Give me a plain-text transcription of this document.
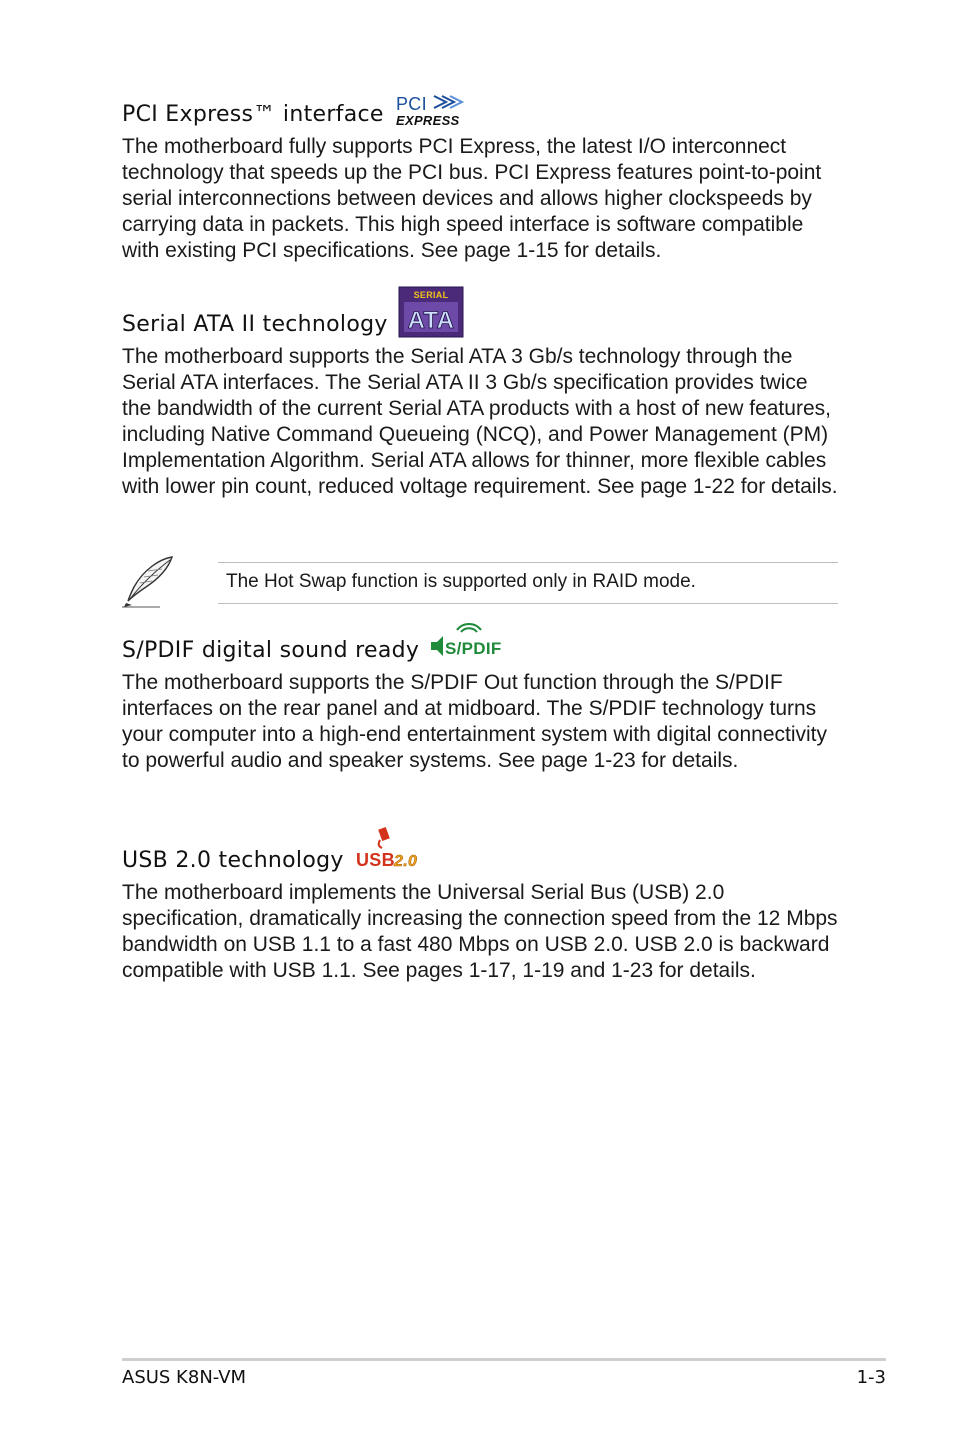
PCI Express™ interface PCI
EXPRESS

The motherboard fully supports PCI Express, the latest I/O interconnect technology that speeds up the PCI bus. PCI Express features point-to-point serial interconnections between devices and allows higher clockspeeds by carrying data in packets. This high speed interface is software compatible with existing PCI specifications. See page 1-15 for details.

Serial ATA II technology
SERIAL
ATA

The motherboard supports the Serial ATA 3 Gb/s technology through the Serial ATA interfaces. The Serial ATA II 3 Gb/s specification provides twice the bandwidth of the current Serial ATA products with a host of new features, including Native Command Queueing (NCQ), and Power Management (PM) Implementation Algorithm. Serial ATA allows for thinner, more flexible cables with lower pin count, reduced voltage requirement. See page 1-22 for details.

The Hot Swap function is supported only in RAID mode.
S/PDIF digital sound ready S/PDIF

The motherboard supports the S/PDIF Out function through the S/PDIF interfaces on the rear panel and at midboard. The S/PDIF technology turns your computer into a high-end entertainment system with digital connectivity to powerful audio and speaker systems. See page 1-23 for details.

USB 2.0 technology USB 2.0

The motherboard implements the Universal Serial Bus (USB) 2.0 specification, dramatically increasing the connection speed from the 12 Mbps bandwidth on USB 1.1 to a fast 480 Mbps on USB 2.0. USB 2.0 is backward compatible with USB 1.1. See pages 1-17, 1-19 and 1-23 for details.

ASUS K8N-VM	1-3
